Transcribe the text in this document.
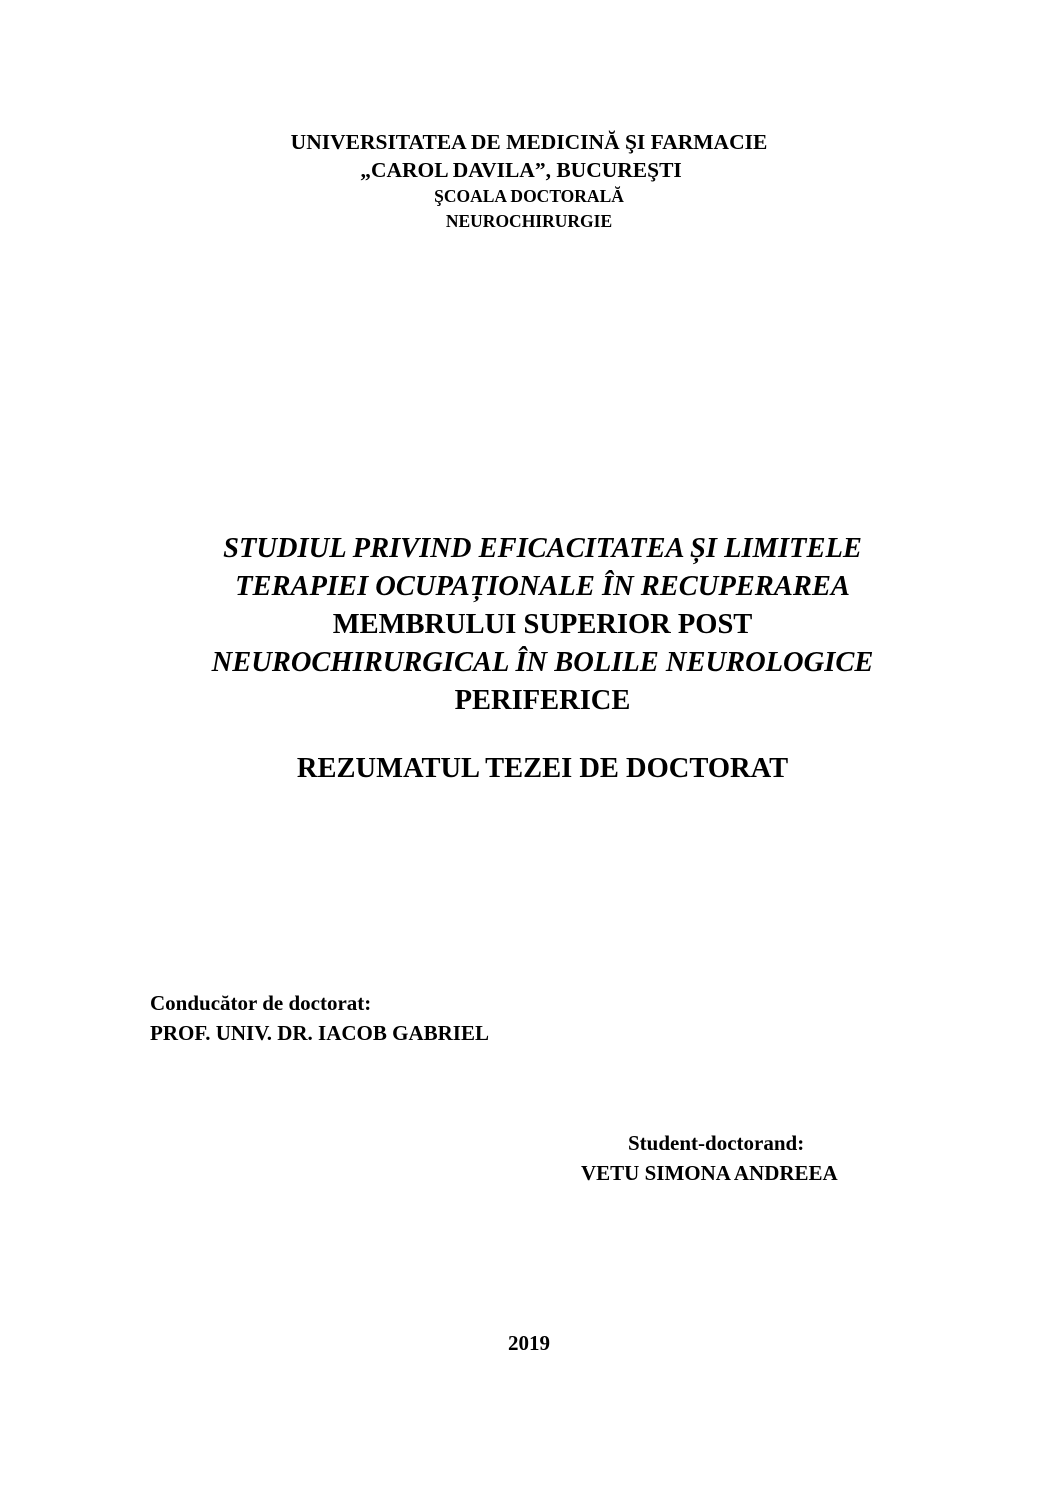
UNIVERSITATEA DE MEDICINĂ ŞI FARMACIE
„CAROL DAVILA”, BUCUREŞTI
ŞCOALA DOCTORALĂ
NEUROCHIRURGIE
STUDIUL PRIVIND EFICACITATEA ȘI LIMITELE
TERAPIEI OCUPAȚIONALE ÎN RECUPERAREA
MEMBRULUI SUPERIOR POST
NEUROCHIRURGICAL ÎN BOLILE NEUROLOGICE
PERIFERICE
REZUMATUL TEZEI DE DOCTORAT
Conducător de doctorat:
PROF. UNIV. DR. IACOB GABRIEL
Student-doctorand:
VETU SIMONA ANDREEA
2019
